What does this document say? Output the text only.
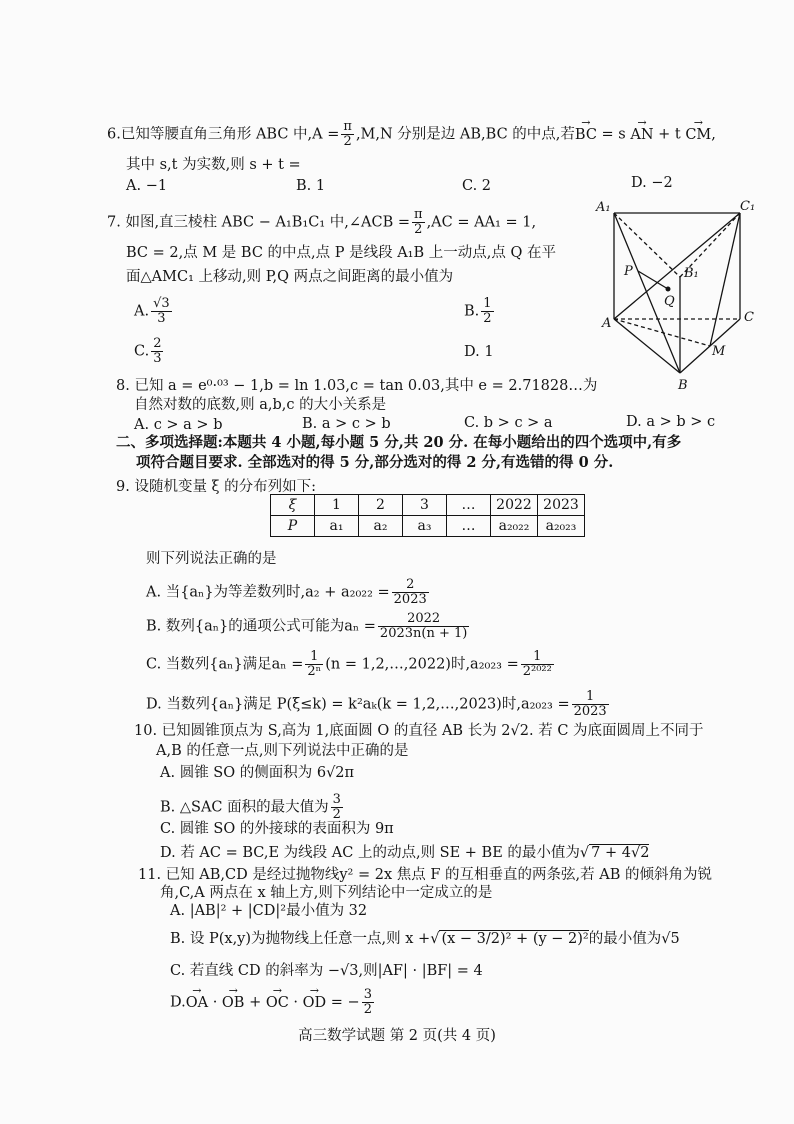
6.已知等腰直角三角形 ABC 中$,A = \frac{\pi}{2} ,M,N$ 分别是边 AB,BC 的中点,若→ BC = s → AN + t → CM,
其中 s,t 为实数,则 s + t =
A. −1	B. 1	C. 2	D. −2
7. 如图,直三棱柱 ABC − A₁B₁C₁ 中,∠ACB = $\frac{\pi}{2} ,AC = AA_1 = 1$,
BC = 2,点 M 是 BC 的中点,点 P 是线段 A₁B 上一动点,点 Q 在平
面△AMC₁ 上移动,则 P,Q 两点之间距离的最小值为
A. $\frac{√3}{3}$	B. $\frac{1}{2}$
C. $\frac{2}{3}$	D. 1
A₁	C₁
B₁
P
Q
A	C
M
B
8. 已知 a = e⁰·⁰³ − 1,b = ln 1.03,c = tan 0.03,其中 e = 2.71828…为
自然对数的底数,则 a,b,c 的大小关系是
A. c > a > b	B. a > c > b	C. b > c > a	D. a > b > c
二、多项选择题:本题共 4 小题,每小题 5 分,共 20 分. 在每小题给出的四个选项中,有多
项符合题目要求. 全部选对的得 5 分,部分选对的得 2 分,有选错的得 0 分.
9. 设随机变量 ξ 的分布列如下:
ξ	1	2	3	…	2022	2023
P	a₁	a₂	a₃	…	a₂₀₂₂	a₂₀₂₃
则下列说法正确的是
A. 当{aₙ}为等差数列时$,a_2 + a_{2022} = \frac{2}{2023}$
B. 数列{aₙ}的通项公式可能为$a_n = \frac{2022}{2023n(n + 1)}$
C. 当数列{aₙ}满足$a_n = \frac{1}{\text{2ⁿ}} (n$ = 1,2,…,2022)时$,a_{2023} = \frac{1}{\text{2²⁰²²}}$
D. 当数列{aₙ}满足 P(ξ≤k) = k²aₖ(k = 1,2,…,2023)时$,a_{2023} = \frac{1}{2023}$
10. 已知圆锥顶点为 S,高为 1,底面圆 O 的直径 AB 长为 2√2. 若 C 为底面圆周上不同于
A,B 的任意一点,则下列说法中正确的是
A. 圆锥 SO 的侧面积为 6√2π
B. △SAC 面积的最大值为 $\frac{3}{2}$
C. 圆锥 SO 的外接球的表面积为 9π
D. 若 AC = BC,E 为线段 AC 上的动点,则 SE + BE 的最小值为√ 7 + 4√2
11. 已知 AB,CD 是经过抛物线y² = 2x 焦点 F 的互相垂直的两条弦,若 AB 的倾斜角为锐
角,C,A 两点在 x 轴上方,则下列结论中一定成立的是
A. |AB|² + |CD|²最小值为 32
B. 设 P(x,y)为抛物线上任意一点,则 x +√ (x − 3/2)² + (y − 2)²的最小值为√5
C. 若直线 CD 的斜率为 −√3,则|AF| · |BF| = 4
D.→ OA · → OB + → OC · → OD = − $\frac{3}{2}$
高三数学试题 第 2 页(共 4 页)
